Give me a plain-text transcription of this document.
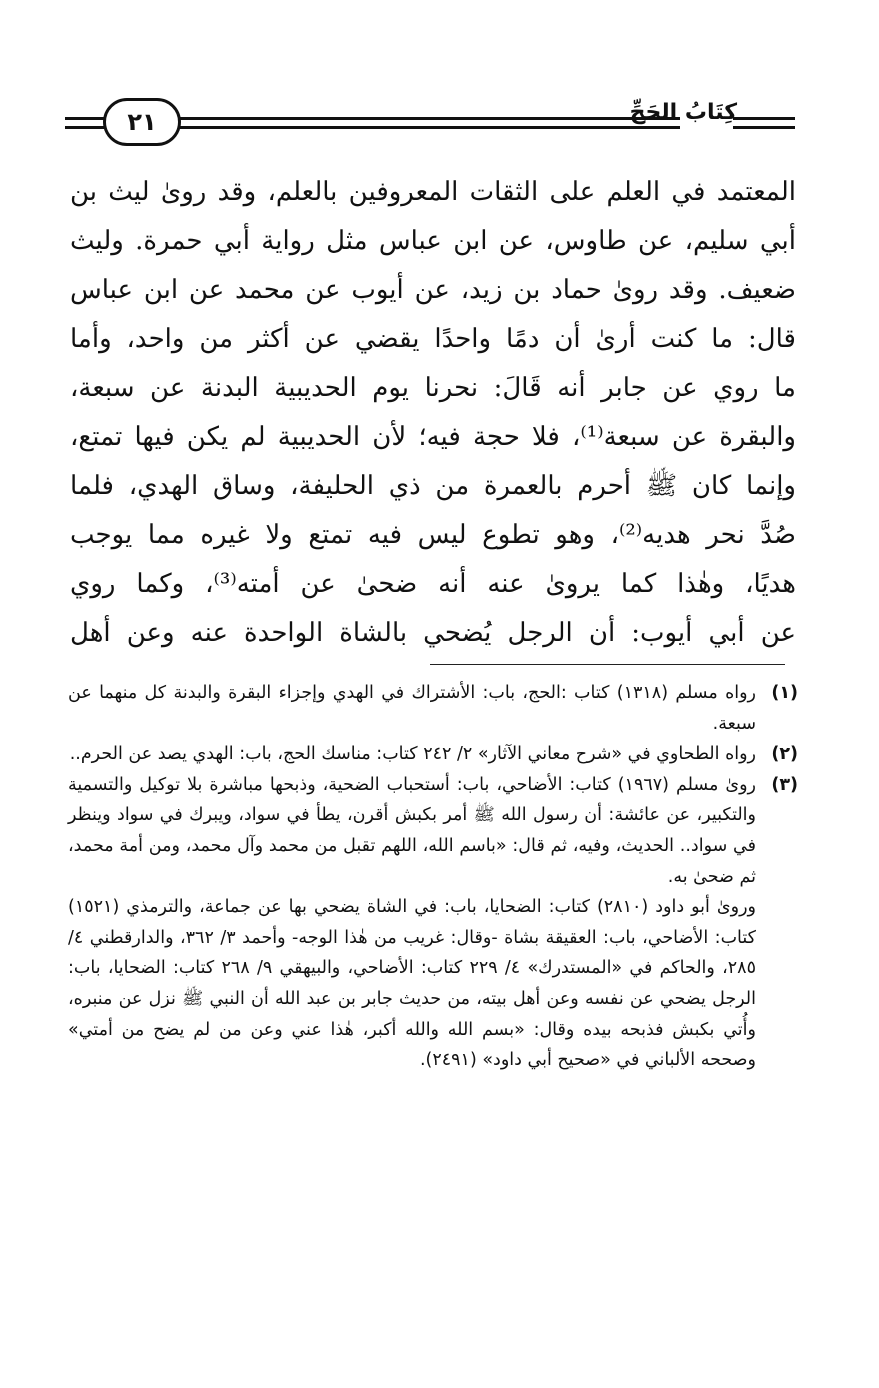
٢١	كِتَابُ الحَجِّ

المعتمد في العلم على الثقات المعروفين بالعلم، وقد رویٰ ليث بن

أبي سليم، عن طاوس، عن ابن عباس مثل رواية أبي حمرة. وليث

ضعيف. وقد رویٰ حماد بن زيد، عن أيوب عن محمد عن ابن عباس

قال: ما كنت أرىٰ أن دمًا واحدًا يقضي عن أكثر من واحد، وأما

ما روي عن جابر أنه قَالَ: نحرنا يوم الحديبية البدنة عن سبعة،

والبقرة عن سبعة⁽¹⁾، فلا حجة فيه؛ لأن الحديبية لم يكن فيها تمتع،

وإنما كان ﷺ أحرم بالعمرة من ذي الحليفة، وساق الهدي، فلما

صُدَّ نحر هديه⁽²⁾، وهو تطوع ليس فيه تمتع ولا غيره مما يوجب

هديًا، وهٰذا كما يرویٰ عنه أنه ضحىٰ عن أمته⁽³⁾، وكما روي

عن أبي أيوب: أن الرجل يُضحي بالشاة الواحدة عنه وعن أهل

(١)

رواه مسلم (١٣١٨) كتاب :الحج، باب: الأشتراك في الهدي وإجزاء البقرة والبدنة كل منهما عن سبعة.

(٢)

رواه الطحاوي في «شرح معاني الآثار» ٢/ ٢٤٢ كتاب: مناسك الحج، باب: الهدي يصد عن الحرم..

(٣)

رویٰ مسلم (١٩٦٧) كتاب: الأضاحي، باب: أستحباب الضحية، وذبحها مباشرة بلا توكيل والتسمية والتكبير، عن عائشة: أن رسول الله ﷺ أمر بكبش أقرن، يطأ في سواد، ويبرك في سواد وينظر في سواد.. الحديث، وفيه، ثم قال: «باسم الله، اللهم تقبل من محمد وآل محمد، ومن أمة محمد، ثم ضحىٰ به.

وروىٰ أبو داود (٢٨١٠) كتاب: الضحايا، باب: في الشاة يضحي بها عن جماعة، والترمذي (١٥٢١) كتاب: الأضاحي، باب: العقيقة بشاة -وقال: غريب من هٰذا الوجه- وأحمد ٣/ ٣٦٢، والدارقطني ٤/ ٢٨٥، والحاكم في «المستدرك» ٤/ ٢٢٩ كتاب: الأضاحي، والبيهقي ٩/ ٢٦٨ كتاب: الضحايا، باب: الرجل يضحي عن نفسه وعن أهل بيته، من حديث جابر بن عبد الله أن النبي ﷺ نزل عن منبره، وأُتي بكبش فذبحه بيده وقال: «بسم الله والله أكبر، هٰذا عني وعن من لم يضح من أمتي» وصححه الألباني في «صحيح أبي داود» (٢٤٩١).
